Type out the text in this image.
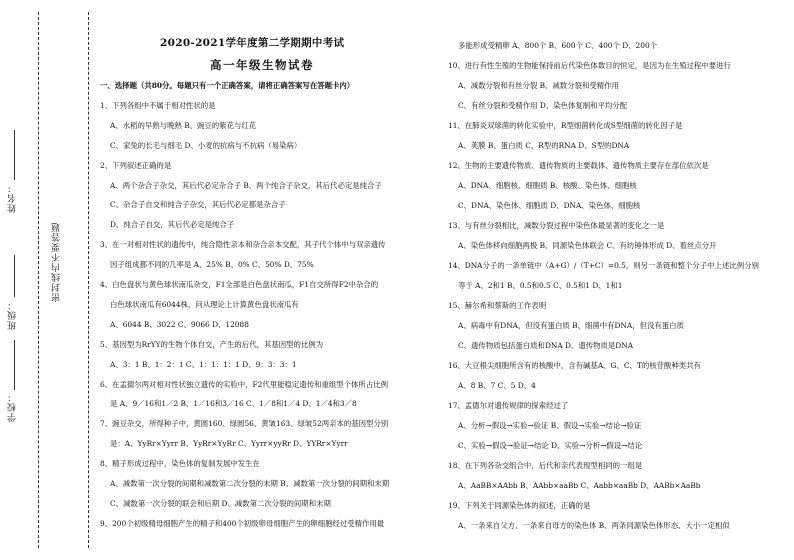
姓名：
班级：
学校：
密封线内不要答题
2020-2021学年度第二学期期中考试
高一年级生物试卷
一、选择题（共80分。每题只有一个正确答案，请将正确答案写在答题卡内）
1、下列各组中不属于相对性状的是
A、水稻的早熟与晚熟 B、豌豆的紫花与红花
C、家兔的长毛与细毛 D、小麦的抗病与不抗病（易染病）
2、下列叙述正确的是
A、两个杂合子杂交，其后代必定杂合子 B、两个纯合子杂交，其后代必定是纯合子
C、杂合子自交和纯合子杂交，其后代必定都是杂合子
D、纯合子自交，其后代必定是纯合子
3、在一对相对性状的遗传中，纯合隐性亲本和杂合亲本交配，其子代个体中与双亲遗传
因子组成都不同的几率是 A、25% B、0% C、50% D、75%
4、白色盘状与黄色球状南瓜杂交，F1全部是白色盘状南瓜，F1自交所得F2中杂合的
白色球状南瓜有6044株，问从理论上计算黄色盘状南瓜有
A、6044 B、3022 C、9066 D、12088
5、基因型为RrYY的生物个体自交，产生的后代，其基因型的比例为
A、3：1 B、1：2：1 C、1：1：1：1 D、9：3：3：1
6、在孟德尔两对相对性状独立遗传的实验中，F2代里能稳定遗传和重组型个体所占比例
是 A、9／16和1／2 B、1／16和3／16 C、1／8和1／4 D、1／4和3／8
7、豌豆杂交，所得种子中，黄圆160、绿圆56、黄皱163、绿皱52两亲本的基因型分别
是：A、YyRr×Yyrr B、YyRr×YyRr C、Yyrr×yyRr D、YYRr×Yyrr
8、精子形成过程中，染色体的复制发展中发生在
A、减数第一次分裂的间期和减数第二次分裂的末期 B、减数第一次分裂的间期和末期
C、减数第一次分裂的联会和后期 D、减数第二次分裂的间期和末期
9、200个初级精母细胞产生的精子和400个初级卵母细胞产生的卵细胞经过受精作用最
多能形成受精卵 A、800个 B、600个 C、400个 D、200个
10、进行有性生殖的生物能保持前后代染色体数目的恒定，是因为在生殖过程中要进行
A、减数分裂和有丝分裂 B、减数分裂和受精作用
C、有丝分裂和受精作用 D、染色体复制和平均分配
11、在肺炎双球菌的转化实验中，R型细菌转化成S型细菌的转化因子是
A、荚膜 B、蛋白质 C、R型的RNA D、S型的DNA
12、生物的主要遗传物质、遗传物质的主要载体、遗传物质主要存在部位依次是
A、DNA、细胞核、细胞质 B、核酸、染色体、细胞核
C、DNA、染色体、细胞质 D、DNA、染色体、细胞核
13、与有丝分裂相比，减数分裂过程中染色体最显著的变化之一是
A、染色体移向细胞两极 B、同源染色体联会 C、有纺锤体形成 D、着丝点分开
14、DNA分子的一条单链中（A+G）/（T+C）=0.5，则另一条链和整个分子中上述比例分别
等于 A、2和1 B、0.5和0.5 C、0.5和1 D、1和1
15、赫尔希和蔡斯的工作表明
A、病毒中有DNA，但没有蛋白质 B、细菌中有DNA，但没有蛋白质
C、遗传物质包括蛋白质和DNA D、遗传物质是DNA
16、大豆根尖细胞所含有的核酸中，含有碱基A、G、C、T的核苷酸种类共有
A、8 B、7 C、5 D、4
17、孟德尔对遗传规律的探索经过了
A、分析→假设→实验→验证 B、假设→实验→结论→验证
C、实验→假设→验证→结论 D、实验→分析→假设→结论
18、在下列各杂交组合中，后代和亲代表现型相同的一组是
A、AaBB×AAbb B、AAbb×aaBb C、Aabb×aaBb D、AABb×AaBb
19、下列关于同源染色体的叙述，正确的是
A、一条来自父方、一条来自母方的染色体 B、两条同源染色体形态、大小一定相似
